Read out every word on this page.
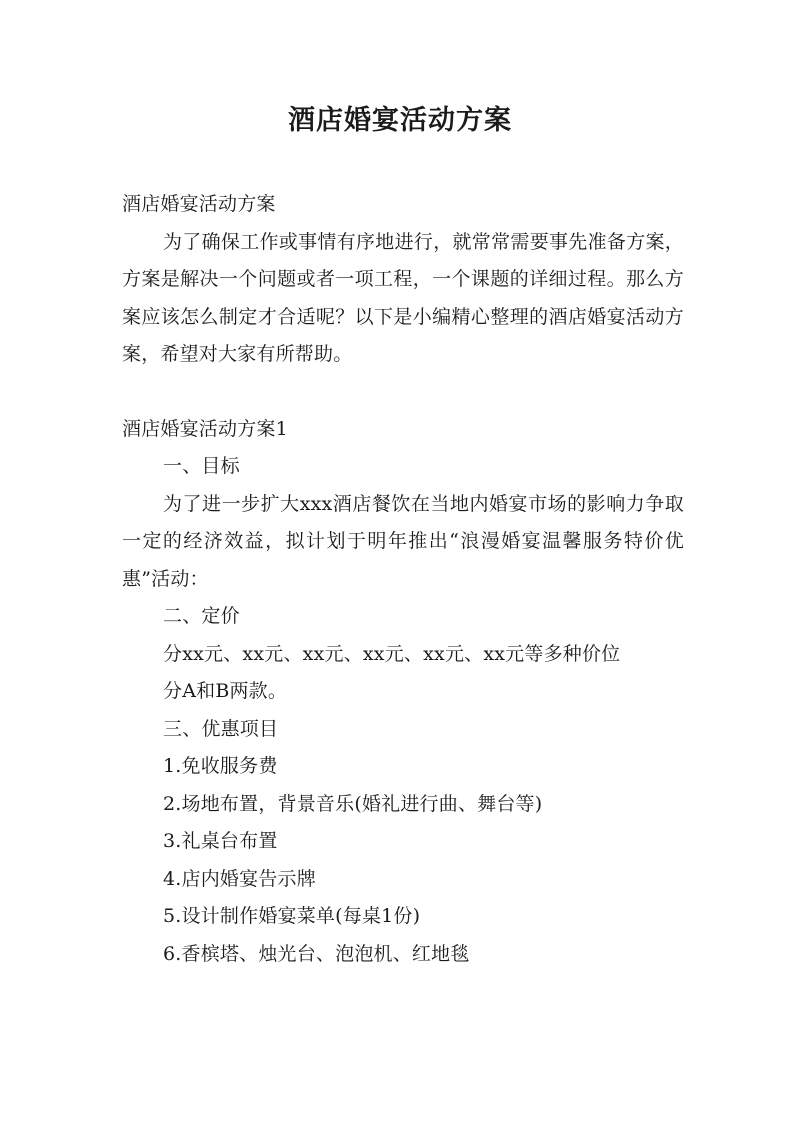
酒店婚宴活动方案

酒店婚宴活动方案

为了确保工作或事情有序地进行，就常常需要事先准备方案，方案是解决一个问题或者一项工程，一个课题的详细过程。那么方案应该怎么制定才合适呢？以下是小编精心整理的酒店婚宴活动方案，希望对大家有所帮助。

酒店婚宴活动方案1

一、目标

为了进一步扩大xxx酒店餐饮在当地内婚宴市场的影响力争取一定的经济效益，拟计划于明年推出“浪漫婚宴温馨服务特价优惠”活动：

二、定价

分xx元、xx元、xx元、xx元、xx元、xx元等多种价位

分A和B两款。

三、优惠项目

1.免收服务费

2.场地布置，背景音乐(婚礼进行曲、舞台等)

3.礼桌台布置

4.店内婚宴告示牌

5.设计制作婚宴菜单(每桌1份)

6.香槟塔、烛光台、泡泡机、红地毯
